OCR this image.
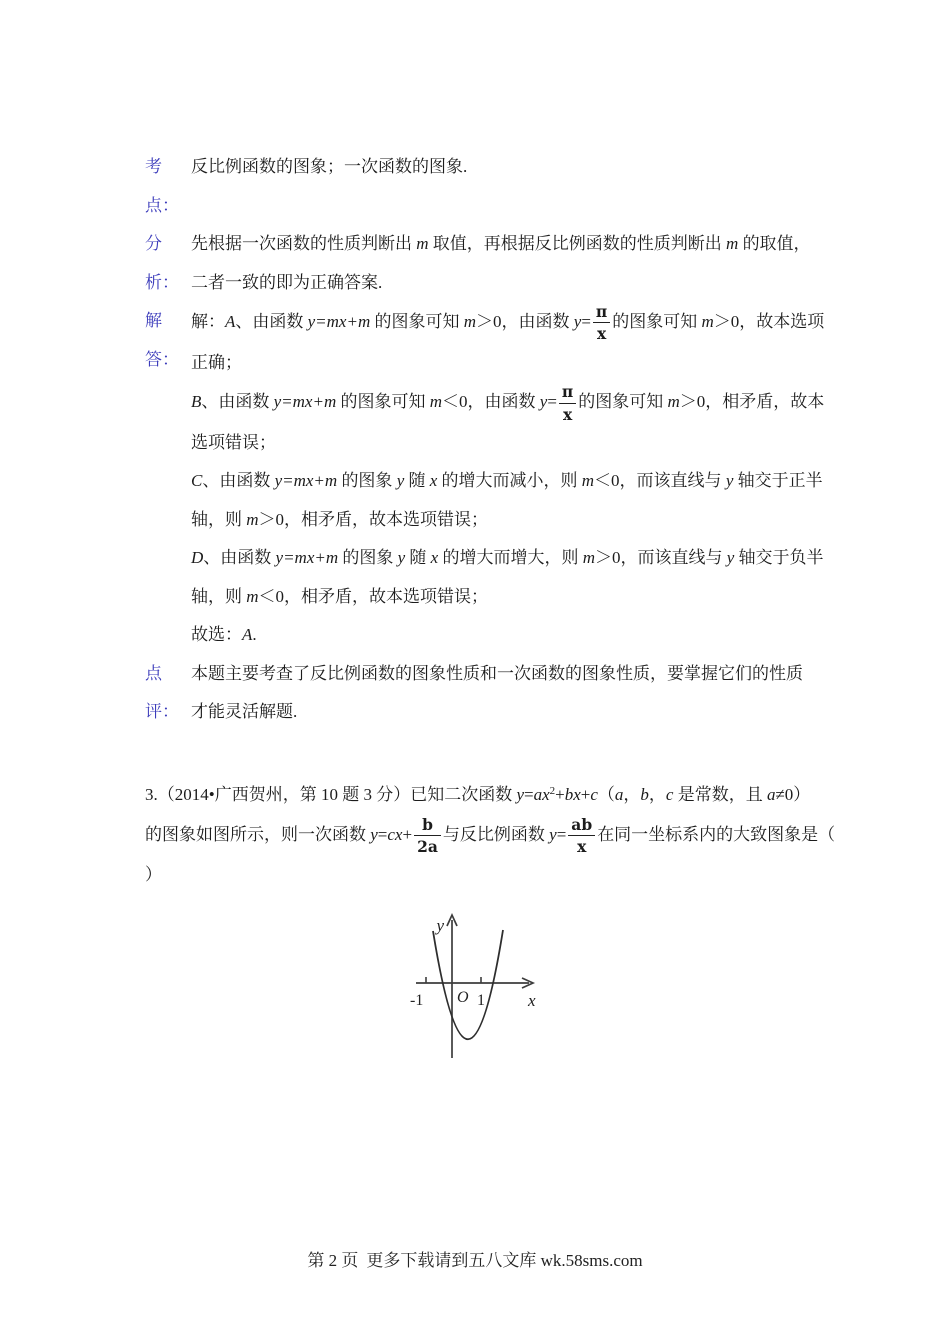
考
点：
反比例函数的图象；一次函数的图象.
分
析：
先根据一次函数的性质判断出 m 取值，再根据反比例函数的性质判断出 m 的取值，
二者一致的即为正确答案.
解
答：
解：A、由函数 y=mx+m 的图象可知 m＞0，由函数 $y= \frac{\pi}{x}$ 的图象可知 m＞0，故本选项
正确；
B、由函数 y=mx+m 的图象可知 m＜0，由函数 $y= \frac{\pi}{x}$ 的图象可知 m＞0，相矛盾，故本
选项错误；
C、由函数 y=mx+m 的图象 y 随 x 的增大而减小，则 m＜0，而该直线与 y 轴交于正半
轴，则 m＞0，相矛盾，故本选项错误；
D、由函数 y=mx+m 的图象 y 随 x 的增大而增大，则 m＞0，而该直线与 y 轴交于负半
轴，则 m＜0，相矛盾，故本选项错误；
故选：A.
点
评：
本题主要考查了反比例函数的图象性质和一次函数的图象性质，要掌握它们的性质
才能灵活解题.
3.（2014•广西贺州，第 10 题 3 分）已知二次函数 $y=ax^2+bx+c(a$，b，c 是常数，且 a≠0）
的图象如图所示，则一次函数 $y=cx+ \frac{b}{2a}$ 与反比例函数 $y= \frac{ab}{x}$ 在同一坐标系内的大致图象是（
）
y
x
O
-1	1
第 2 页 更多下载请到五八文库 wk.58sms.com
